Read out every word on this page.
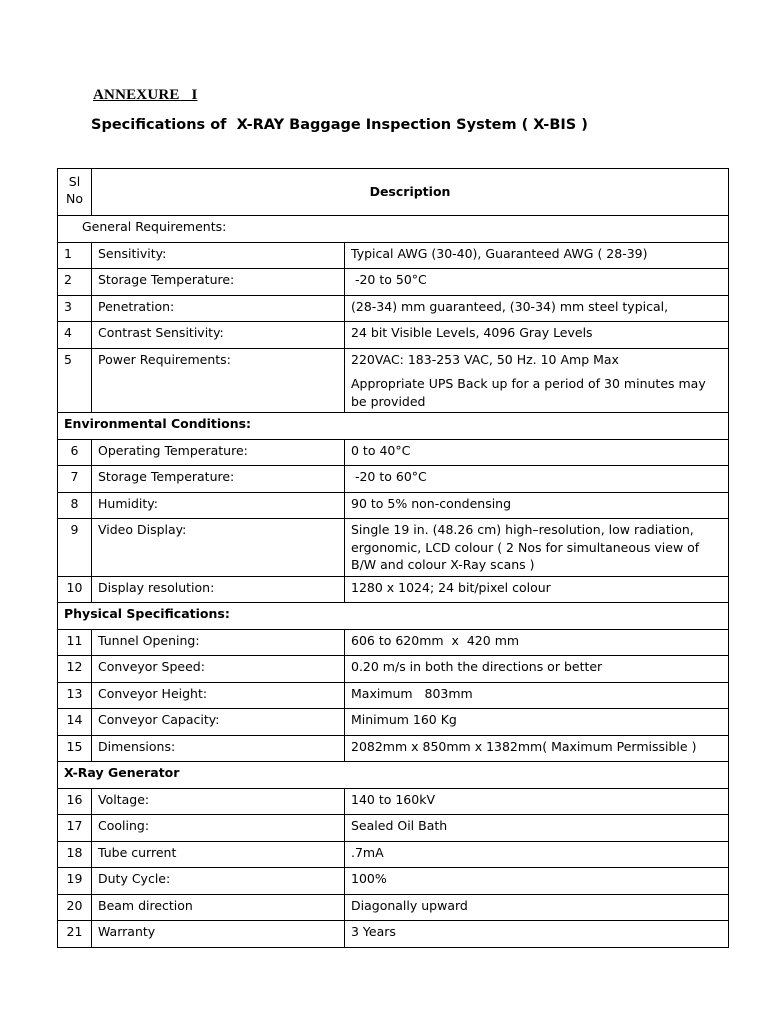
ANNEXURE   I
Specifications of  X-RAY Baggage Inspection System ( X-BIS )
Sl No	Description	
General Requirements:		
1	Sensitivity:	Typical AWG (30-40), Guaranteed AWG ( 28-39)
2	Storage Temperature:	-20 to 50°C
3	Penetration:	(28-34) mm guaranteed, (30-34) mm steel typical,
4	Contrast Sensitivity:	24 bit Visible Levels, 4096 Gray Levels
5	Power Requirements:	220VAC: 183-253 VAC, 50 Hz. 10 Amp Max
Appropriate UPS Back up for a period of 30 minutes may be provided

Environmental Conditions:		
6	Operating Temperature:	0 to 40°C
7	Storage Temperature:	-20 to 60°C
8	Humidity:	90 to 5% non-condensing
9	Video Display:	Single 19 in. (48.26 cm) high–resolution, low radiation, ergonomic, LCD colour ( 2 Nos for simultaneous view of B/W and colour X-Ray scans )
10	Display resolution:	1280 x 1024; 24 bit/pixel colour
Physical Specifications:		
11	Tunnel Opening:	606 to 620mm  x  420 mm
12	Conveyor Speed:	0.20 m/s in both the directions or better
13	Conveyor Height:	Maximum   803mm
14	Conveyor Capacity:	Minimum 160 Kg
15	Dimensions:	2082mm x 850mm x 1382mm( Maximum Permissible )
X-Ray Generator		
16	Voltage:	140 to 160kV
17	Cooling:	Sealed Oil Bath
18	Tube current	.7mA
19	Duty Cycle:	100%
20	Beam direction	Diagonally upward
21	Warranty	3 Years
